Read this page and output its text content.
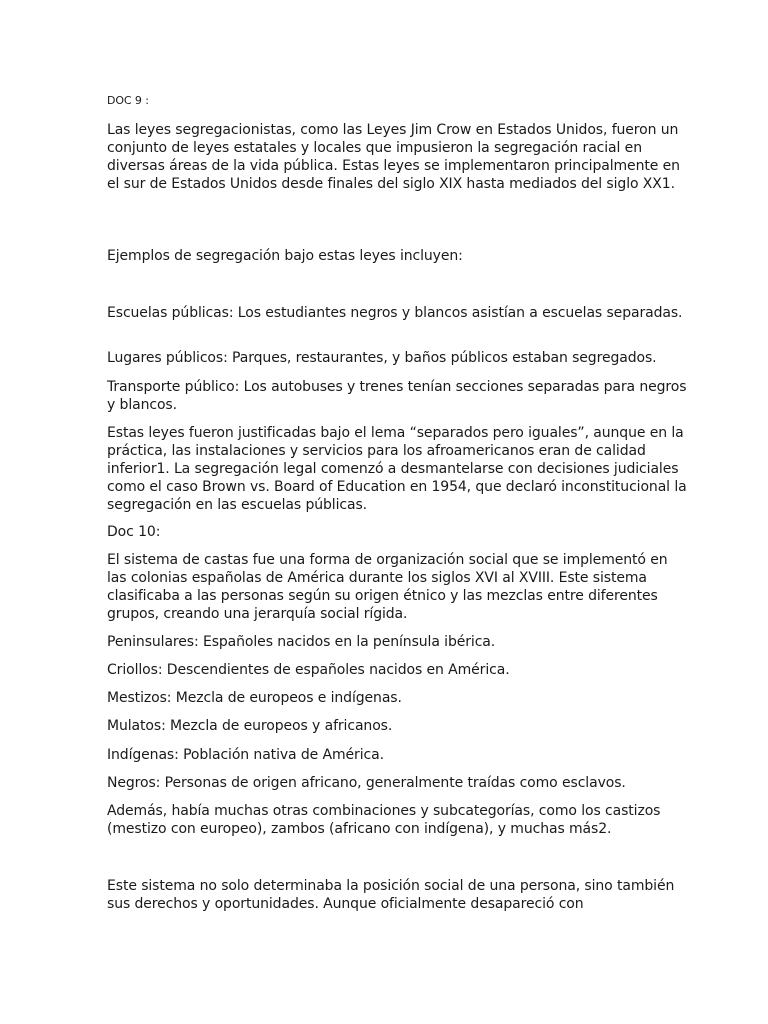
DOC 9 :

Las leyes segregacionistas, como las Leyes Jim Crow en Estados Unidos, fueron un conjunto de leyes estatales y locales que impusieron la segregación racial en diversas áreas de la vida pública. Estas leyes se implementaron principalmente en el sur de Estados Unidos desde finales del siglo XIX hasta mediados del siglo XX1.

Ejemplos de segregación bajo estas leyes incluyen:

Escuelas públicas: Los estudiantes negros y blancos asistían a escuelas separadas.

Lugares públicos: Parques, restaurantes, y baños públicos estaban segregados.

Transporte público: Los autobuses y trenes tenían secciones separadas para negros y blancos.

Estas leyes fueron justificadas bajo el lema “separados pero iguales”, aunque en la práctica, las instalaciones y servicios para los afroamericanos eran de calidad inferior1. La segregación legal comenzó a desmantelarse con decisiones judiciales como el caso Brown vs. Board of Education en 1954, que declaró inconstitucional la segregación en las escuelas públicas.

Doc 10:

El sistema de castas fue una forma de organización social que se implementó en las colonias españolas de América durante los siglos XVI al XVIII. Este sistema clasificaba a las personas según su origen étnico y las mezclas entre diferentes grupos, creando una jerarquía social rígida.

Peninsulares: Españoles nacidos en la península ibérica.

Criollos: Descendientes de españoles nacidos en América.

Mestizos: Mezcla de europeos e indígenas.

Mulatos: Mezcla de europeos y africanos.

Indígenas: Población nativa de América.

Negros: Personas de origen africano, generalmente traídas como esclavos.

Además, había muchas otras combinaciones y subcategorías, como los castizos (mestizo con europeo), zambos (africano con indígena), y muchas más2.

Este sistema no solo determinaba la posición social de una persona, sino también sus derechos y oportunidades. Aunque oficialmente desapareció con
